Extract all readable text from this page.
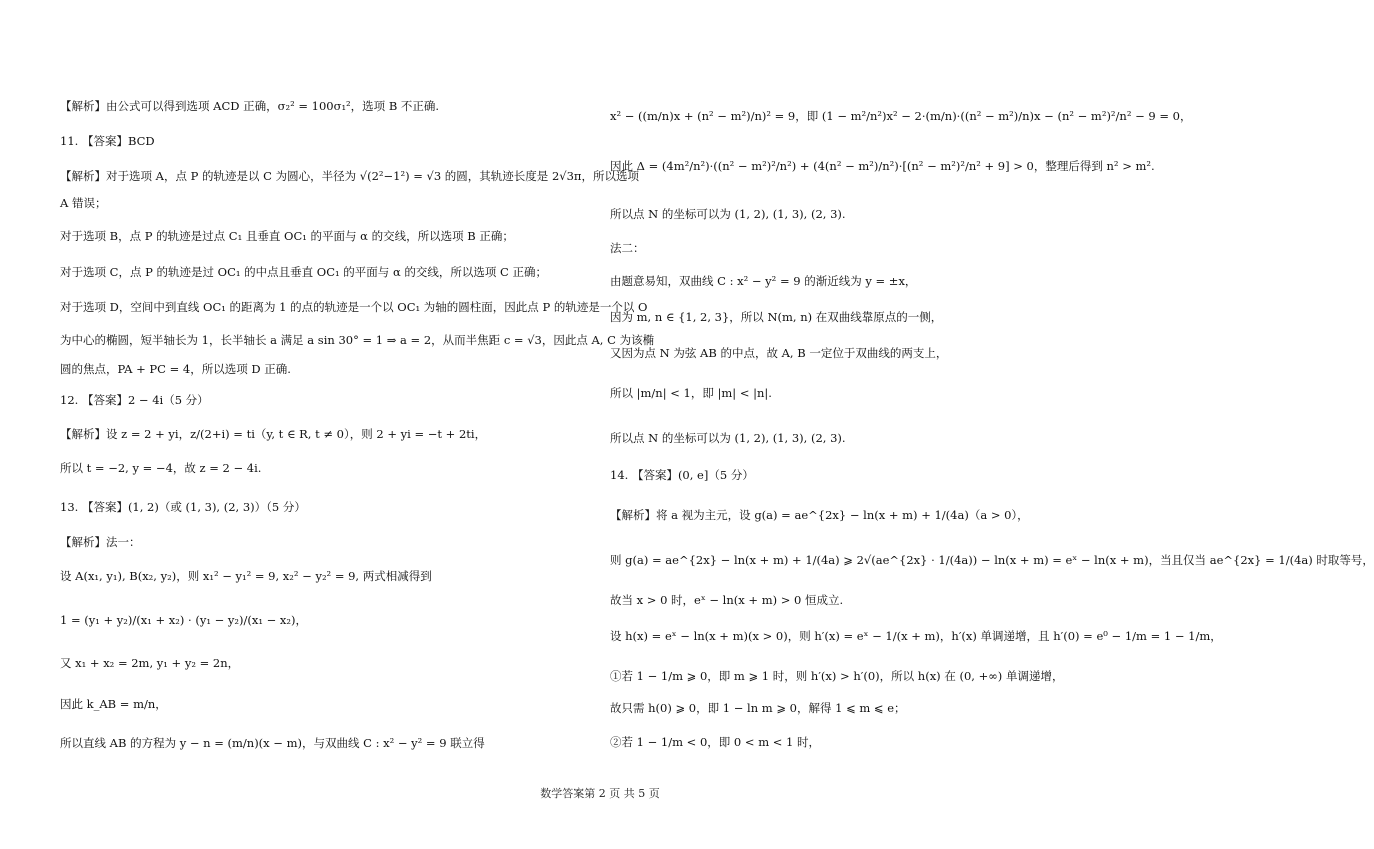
【解析】由公式可以得到选项 ACD 正确，σ₂² = 100σ₁²，选项 B 不正确.
11. 【答案】BCD
【解析】对于选项 A，点 P 的轨迹是以 C 为圆心，半径为 √(2²−1²) = √3 的圆，其轨迹长度是 2√3π，所以选项
A 错误；
对于选项 B，点 P 的轨迹是过点 C₁ 且垂直 OC₁ 的平面与 α 的交线，所以选项 B 正确；
对于选项 C，点 P 的轨迹是过 OC₁ 的中点且垂直 OC₁ 的平面与 α 的交线，所以选项 C 正确；
对于选项 D，空间中到直线 OC₁ 的距离为 1 的点的轨迹是一个以 OC₁ 为轴的圆柱面，因此点 P 的轨迹是一个以 O
为中心的椭圆，短半轴长为 1，长半轴长 a 满足 a sin 30° = 1 ⇒ a = 2，从而半焦距 c = √3，因此点 A, C 为该椭
圆的焦点，PA + PC = 4，所以选项 D 正确.
12. 【答案】2 − 4i（5 分）
【解析】设 z = 2 + yi，z/(2+i) = ti（y, t ∈ R, t ≠ 0），则 2 + yi = −t + 2ti，
所以 t = −2, y = −4，故 z = 2 − 4i.
13. 【答案】(1, 2)（或 (1, 3), (2, 3)）（5 分）
【解析】法一：
设 A(x₁, y₁), B(x₂, y₂)，则 x₁² − y₁² = 9, x₂² − y₂² = 9, 两式相减得到
1 = (y₁ + y₂)/(x₁ + x₂) · (y₁ − y₂)/(x₁ − x₂)，
又 x₁ + x₂ = 2m, y₁ + y₂ = 2n，
因此 k_AB = m/n，
所以直线 AB 的方程为 y − n = (m/n)(x − m)，与双曲线 C : x² − y² = 9 联立得
x² − ((m/n)x + (n² − m²)/n)² = 9，即 (1 − m²/n²)x² − 2·(m/n)·((n² − m²)/n)x − (n² − m²)²/n² − 9 = 0，
因此 Δ = (4m²/n²)·((n² − m²)²/n²) + (4(n² − m²)/n²)·[(n² − m²)²/n² + 9] > 0，整理后得到 n² > m².
所以点 N 的坐标可以为 (1, 2), (1, 3), (2, 3).
法二：
由题意易知，双曲线 C : x² − y² = 9 的渐近线为 y = ±x，
因为 m, n ∈ {1, 2, 3}，所以 N(m, n) 在双曲线靠原点的一侧，
又因为点 N 为弦 AB 的中点，故 A, B 一定位于双曲线的两支上，
所以 |m/n| < 1，即 |m| < |n|.
所以点 N 的坐标可以为 (1, 2), (1, 3), (2, 3).
14. 【答案】(0, e]（5 分）
【解析】将 a 视为主元，设 g(a) = ae^{2x} − ln(x + m) + 1/(4a)（a > 0），
则 g(a) = ae^{2x} − ln(x + m) + 1/(4a) ⩾ 2√(ae^{2x} · 1/(4a)) − ln(x + m) = eˣ − ln(x + m)，当且仅当 ae^{2x} = 1/(4a) 时取等号，
故当 x > 0 时，eˣ − ln(x + m) > 0 恒成立.
设 h(x) = eˣ − ln(x + m)(x > 0)，则 h′(x) = eˣ − 1/(x + m)，h′(x) 单调递增，且 h′(0) = e⁰ − 1/m = 1 − 1/m，
①若 1 − 1/m ⩾ 0，即 m ⩾ 1 时，则 h′(x) > h′(0)，所以 h(x) 在 (0, +∞) 单调递增，
故只需 h(0) ⩾ 0，即 1 − ln m ⩾ 0，解得 1 ⩽ m ⩽ e；
②若 1 − 1/m < 0，即 0 < m < 1 时，
数学答案第 2 页 共 5 页
